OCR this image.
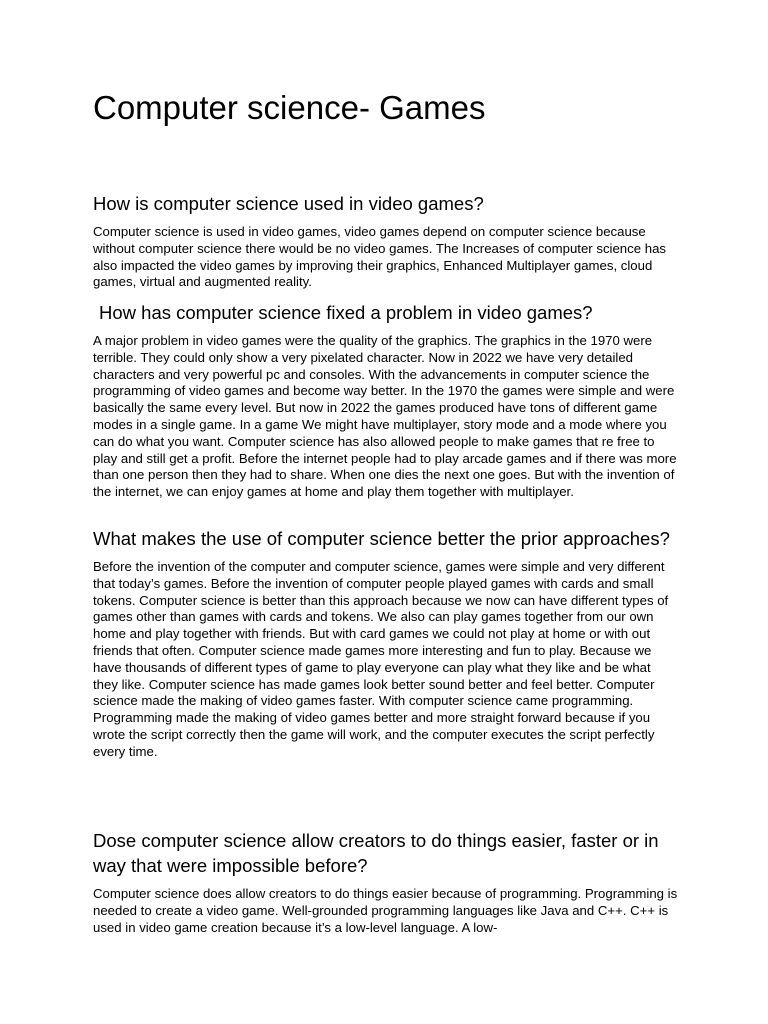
Computer science- Games
How is computer science used in video games?

Computer science is used in video games, video games depend on computer science because without computer science there would be no video games. The Increases of computer science has also impacted the video games by improving their graphics, Enhanced Multiplayer games, cloud games, virtual and augmented reality.

How has computer science fixed a problem in video games?

A major problem in video games were the quality of the graphics. The graphics in the 1970 were terrible. They could only show a very pixelated character. Now in 2022 we have very detailed characters and very powerful pc and consoles. With the advancements in computer science the programming of video games and become way better. In the 1970 the games were simple and were basically the same every level. But now in 2022 the games produced have tons of different game modes in a single game. In a game We might have multiplayer, story mode and a mode where you can do what you want. Computer science has also allowed people to make games that re free to play and still get a profit. Before the internet people had to play arcade games and if there was more than one person then they had to share. When one dies the next one goes. But with the invention of the internet, we can enjoy games at home and play them together with multiplayer.

What makes the use of computer science better the prior approaches?

Before the invention of the computer and computer science, games were simple and very different that today’s games. Before the invention of computer people played games with cards and small tokens. Computer science is better than this approach because we now can have different types of games other than games with cards and tokens. We also can play games together from our own home and play together with friends. But with card games we could not play at home or with out friends that often. Computer science made games more interesting and fun to play. Because we have thousands of different types of game to play everyone can play what they like and be what they like. Computer science has made games look better sound better and feel better. Computer science made the making of video games faster. With computer science came programming. Programming made the making of video games better and more straight forward because if you wrote the script correctly then the game will work, and the computer executes the script perfectly every time.

Dose computer science allow creators to do things easier, faster or in way that were impossible before?

Computer science does allow creators to do things easier because of programming. Programming is needed to create a video game. Well-grounded programming languages like Java and C++. C++ is used in video game creation because it’s a low-level language. A low-
